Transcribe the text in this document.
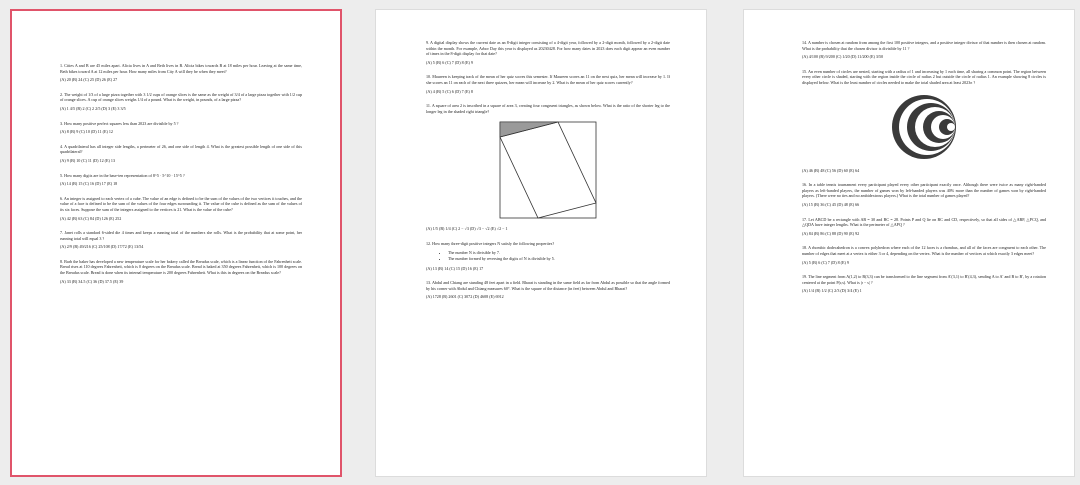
1. Cities A and B are 45 miles apart. Alicia lives in A and Beth lives in B. Alicia bikes towards B at 18 miles per hour. Leaving at the same time, Beth bikes toward A at 12 miles per hour. How many miles from City A will they be when they meet?
(A) 20 (B) 24 (C) 25 (D) 26 (E) 27
2. The weight of 1/3 of a large pizza together with 3 1/2 cups of orange slices is the same as the weight of 3/4 of a large pizza together with 1/2 cup of orange slices. A cup of orange slices weighs 1/4 of a pound. What is the weight, in pounds, of a large pizza?
(A) 1 4/5 (B) 2 (C) 2 2/5 (D) 3 (E) 3 3/5
3. How many positive perfect squares less than 2023 are divisible by 5 ?
(A) 8 (B) 9 (C) 10 (D) 11 (E) 12
4. A quadrilateral has all integer side lengths, a perimeter of 26, and one side of length 4. What is the greatest possible length of one side of this quadrilateral?
(A) 9 (B) 10 (C) 11 (D) 12 (E) 13
5. How many digits are in the base-ten representation of 8^5 · 5^10 · 15^5 ?
(A) 14 (B) 15 (C) 16 (D) 17 (E) 18
6. An integer is assigned to each vertex of a cube. The value of an edge is defined to be the sum of the values of the two vertices it touches, and the value of a face is defined to be the sum of the values of the four edges surrounding it. The value of the cube is defined as the sum of the values of its six faces. Suppose the sum of the integers assigned to the vertices is 21. What is the value of the cube?
(A) 42 (B) 63 (C) 84 (D) 126 (E) 252
7. Janet rolls a standard 6-sided die 4 times and keeps a running total of the numbers she rolls. What is the probability that at some point, her running total will equal 3 ?
(A) 2/9 (B) 49/216 (C) 25/108 (D) 17/72 (E) 13/54
8. Barb the baker has developed a new temperature scale for her bakery called the Breadus scale, which is a linear function of the Fahrenheit scale. Bread rises at 110 degrees Fahrenheit, which is 0 degrees on the Breadus scale. Bread is baked at 350 degrees Fahrenheit, which is 100 degrees on the Breadus scale. Bread is done when its internal temperature is 200 degrees Fahrenheit. What is this in degrees on the Breadus scale?
(A) 33 (B) 34.5 (C) 36 (D) 37.5 (E) 39
9. A digital display shows the current date as an 8-digit integer consisting of a 4-digit year, followed by a 2-digit month, followed by a 2-digit date within the month. For example, Arbor Day this year is displayed as 20230428. For how many dates in 2023 does each digit appear an even number of times in the 8-digit display for that date?
(A) 5 (B) 6 (C) 7 (D) 8 (E) 9
10. Maureen is keeping track of the mean of her quiz scores this semester. If Maureen scores an 11 on the next quiz, her mean will increase by 1. If she scores an 11 on each of the next three quizzes, her mean will increase by 2. What is the mean of her quiz scores currently?
(A) 4 (B) 5 (C) 6 (D) 7 (E) 8
11. A square of area 2 is inscribed in a square of area 3, creating four congruent triangles, as shown below. What is the ratio of the shorter leg to the longer leg in the shaded right triangle?
(A) 1/5 (B) 1/4 (C) 2 − √3 (D) √3 − √2 (E) √2 − 1
12. How many three-digit positive integers N satisfy the following properties?
• The number N is divisible by 7.
• The number formed by reversing the digits of N is divisible by 5.
(A) 13 (B) 14 (C) 15 (D) 16 (E) 17
13. Abdul and Chiang are standing 48 feet apart in a field. Bharat is standing in the same field as far from Abdul as possible so that the angle formed by his corner with Abdul and Chiang measures 60°. What is the square of the distance (in feet) between Abdul and Bharat?
(A) 1728 (B) 2601 (C) 3072 (D) 4608 (E) 6912
14. A number is chosen at random from among the first 100 positive integers, and a positive integer divisor of that number is then chosen at random. What is the probability that the chosen divisor is divisible by 11 ?
(A) 4/100 (B) 9/200 (C) 1/20 (D) 11/200 (E) 3/50
15. An even number of circles are nested, starting with a radius of 1 and increasing by 1 each time, all sharing a common point. The region between every other circle is shaded, starting with the region inside the circle of radius 2 but outside the circle of radius 1. An example showing 8 circles is displayed below. What is the least number of circles needed to make the total shaded area at least 2023π ?
(A) 46 (B) 48 (C) 56 (D) 60 (E) 64
16. In a table tennis tournament every participant played every other participant exactly once. Although there were twice as many right-handed players as left-handed players, the number of games won by left-handed players was 40% more than the number of games won by right-handed players. (There were no ties and no ambidextrous players.) What is the total number of games played?
(A) 15 (B) 36 (C) 45 (D) 48 (E) 66
17. Let ABCD be a rectangle with AB = 30 and BC = 28. Points P and Q lie on BC and CD, respectively, so that all sides of △ABP, △PCQ, and △QDA have integer lengths. What is the perimeter of △APQ ?
(A) 84 (B) 86 (C) 88 (D) 90 (E) 92
18. A rhombic dodecahedron is a convex polyhedron where each of the 12 faces is a rhombus, and all of the faces are congruent to each other. The number of edges that meet at a vertex is either 3 or 4, depending on the vertex. What is the number of vertices at which exactly 3 edges meet?
(A) 5 (B) 6 (C) 7 (D) 8 (E) 9
19. The line segment from A(1,2) to B(3,3) can be transformed to the line segment from A′(3,1) to B′(4,3), sending A to A′ and B to B′, by a rotation centered at the point P(r,s). What is |r − s| ?
(A) 1/4 (B) 1/2 (C) 2/3 (D) 3/4 (E) 1
